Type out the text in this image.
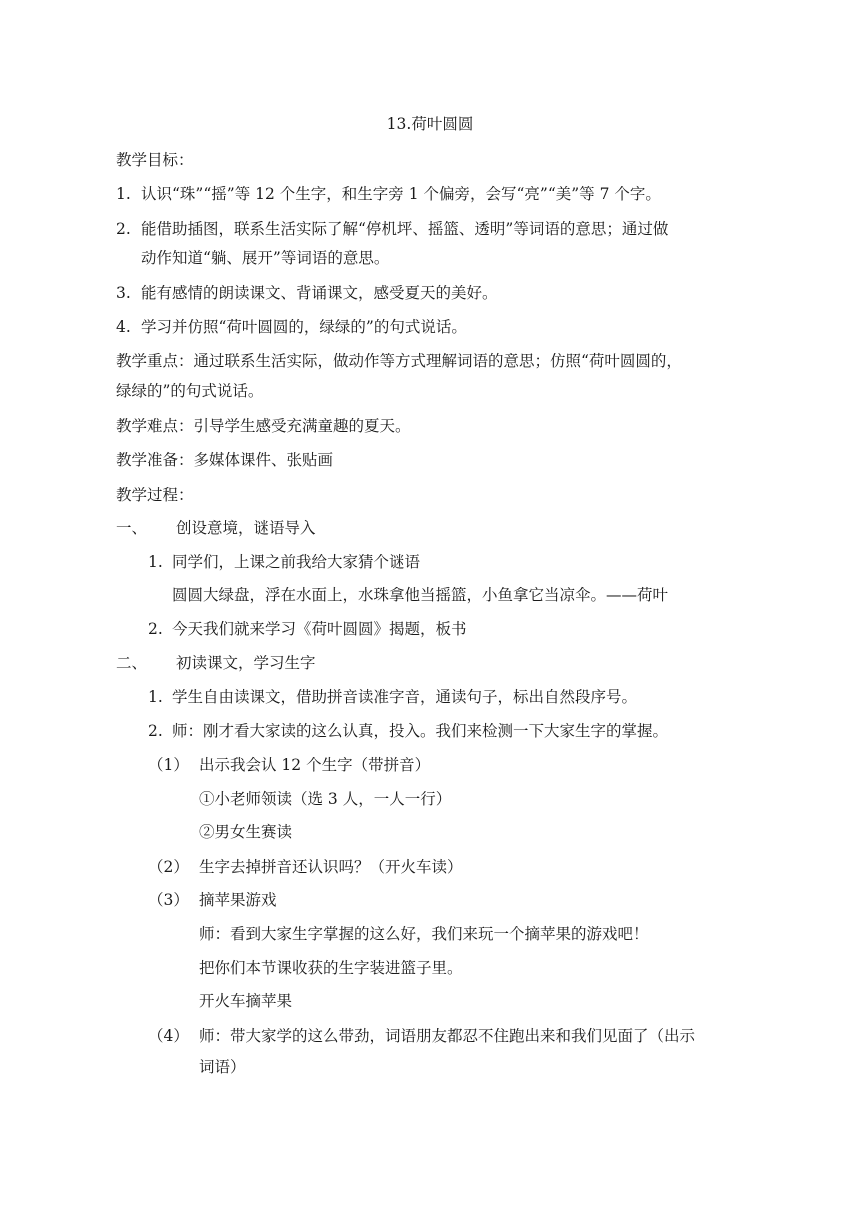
13.荷叶圆圆
教学目标：
1. 认识“珠”“摇”等 12 个生字，和生字旁 1 个偏旁，会写“亮”“美”等 7 个字。
2. 能借助插图，联系生活实际了解“停机坪、摇篮、透明”等词语的意思；通过做
动作知道“躺、展开”等词语的意思。
3. 能有感情的朗读课文、背诵课文，感受夏天的美好。
4. 学习并仿照“荷叶圆圆的，绿绿的”的句式说话。
教学重点：通过联系生活实际，做动作等方式理解词语的意思；仿照“荷叶圆圆的，
绿绿的”的句式说话。
教学难点：引导学生感受充满童趣的夏天。
教学准备：多媒体课件、张贴画
教学过程：
一、 创设意境，谜语导入
1. 同学们，上课之前我给大家猜个谜语
圆圆大绿盘，浮在水面上，水珠拿他当摇篮，小鱼拿它当凉伞。——荷叶
2. 今天我们就来学习《荷叶圆圆》揭题，板书
二、 初读课文，学习生字
1. 学生自由读课文，借助拼音读准字音，通读句子，标出自然段序号。
2. 师：刚才看大家读的这么认真，投入。我们来检测一下大家生字的掌握。
（1） 出示我会认 12 个生字（带拼音）
①小老师领读（选 3 人，一人一行）
②男女生赛读
（2） 生字去掉拼音还认识吗？（开火车读）
（3） 摘苹果游戏
师：看到大家生字掌握的这么好，我们来玩一个摘苹果的游戏吧！
把你们本节课收获的生字装进篮子里。
开火车摘苹果
（4） 师：带大家学的这么带劲，词语朋友都忍不住跑出来和我们见面了（出示
词语）
